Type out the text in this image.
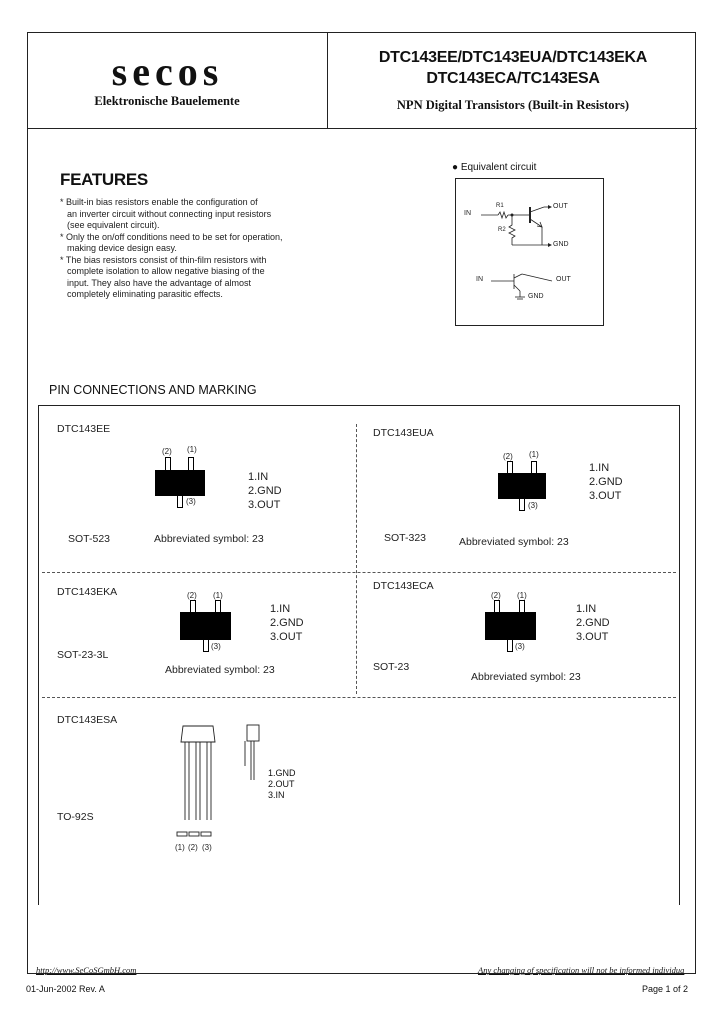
secos
Elektronische Bauelemente
DTC143EE/DTC143EUA/DTC143EKA
DTC143ECA/TC143ESA
NPN Digital Transistors (Built-in Resistors)
FEATURES

* Built-in bias resistors enable the configuration of

an inverter circuit without connecting input resistors

(see equivalent circuit).

* Only the on/off conditions need to be set for operation,

making device design easy.

* The bias resistors consist of thin-film resistors with

complete isolation to allow negative biasing of the

input. They also have the advantage of almost

completely eliminating parasitic effects.

● Equivalent circuit
IN
R1
R2
OUT
GND
IN	OUT
GND
PIN CONNECTIONS AND MARKING
DTC143EE
(2) (1)
(3)
1.IN
2.GND
3.OUT
SOT-523	Abbreviated symbol: 23
DTC143EUA
(2) (1)
(3)
1.IN
2.GND
3.OUT
SOT-323	Abbreviated symbol: 23
DTC143EKA	(2) (1)
(3)
1.IN
2.GND
3.OUT
SOT-23-3L
Abbreviated symbol: 23
DTC143ECA
(2) (1)
(3)
1.IN
2.GND
3.OUT
SOT-23
Abbreviated symbol: 23
DTC143ESA
1.GND
2.OUT
3.IN
(1) (2) (3)
TO-92S
http://www.SeCoSGmbH.com	Any changing of specification will not be informed individua
01-Jun-2002 Rev. A	Page 1 of 2
